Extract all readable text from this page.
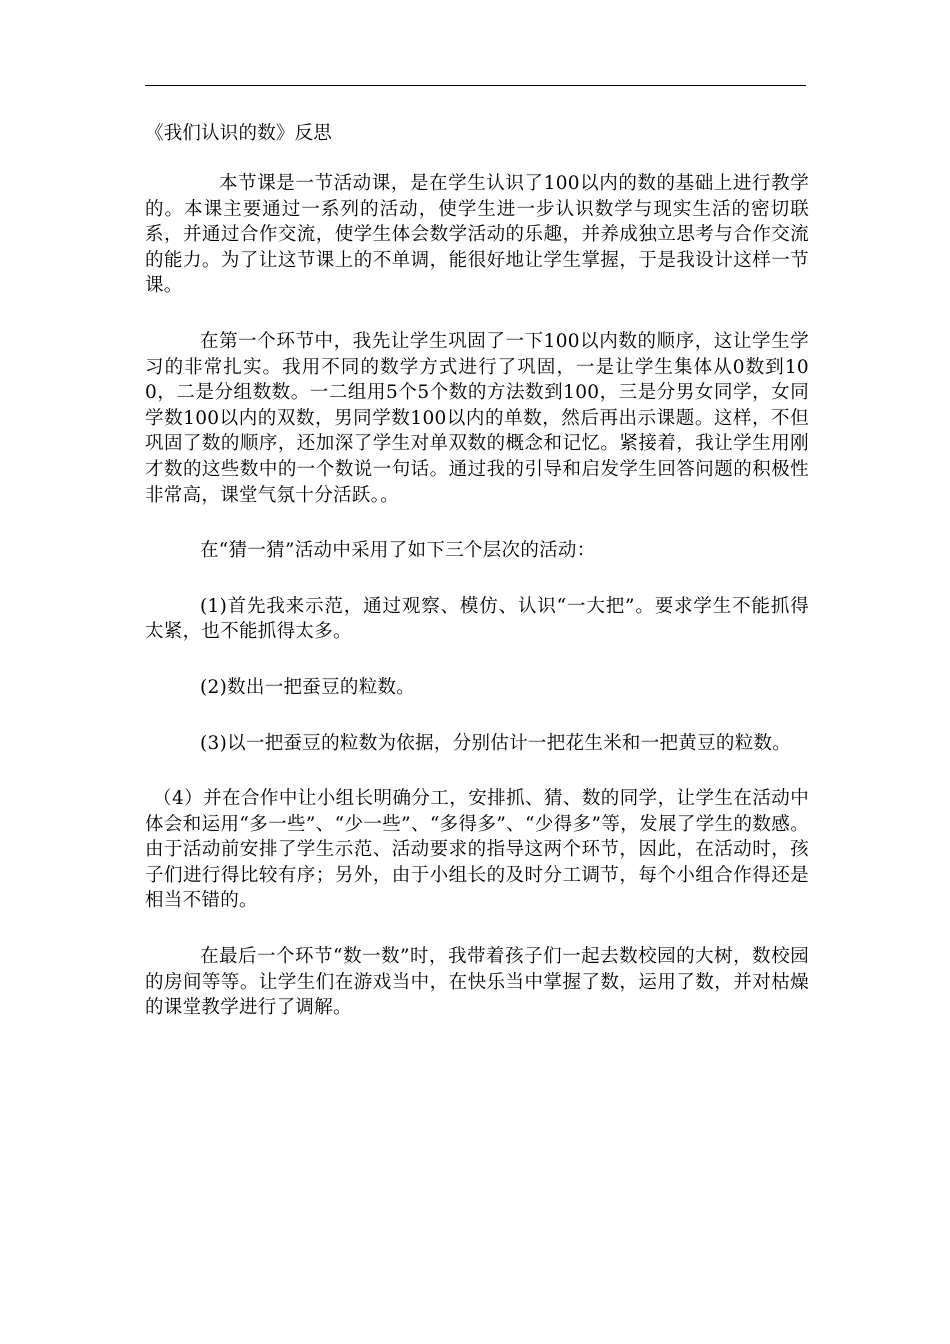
《我们认识的数》反思

本节课是一节活动课，是在学生认识了100以内的数的基础上进行教学的。本课主要通过一系列的活动，使学生进一步认识数学与现实生活的密切联系，并通过合作交流，使学生体会数学活动的乐趣，并养成独立思考与合作交流的能力。为了让这节课上的不单调，能很好地让学生掌握，于是我设计这样一节课。

在第一个环节中，我先让学生巩固了一下100以内数的顺序，这让学生学习的非常扎实。我用不同的数学方式进行了巩固，一是让学生集体从0数到100，二是分组数数。一二组用5个5个数的方法数到100，三是分男女同学，女同学数100以内的双数，男同学数100以内的单数，然后再出示课题。这样，不但巩固了数的顺序，还加深了学生对单双数的概念和记忆。紧接着，我让学生用刚才数的这些数中的一个数说一句话。通过我的引导和启发学生回答问题的积极性非常高，课堂气氛十分活跃。。

在“猜一猜”活动中采用了如下三个层次的活动：

(1)首先我来示范，通过观察、模仿、认识“一大把”。要求学生不能抓得太紧，也不能抓得太多。

(2)数出一把蚕豆的粒数。

(3)以一把蚕豆的粒数为依据，分别估计一把花生米和一把黄豆的粒数。

（4）并在合作中让小组长明确分工，安排抓、猜、数的同学，让学生在活动中体会和运用“多一些”、“少一些”、“多得多”、“少得多”等，发展了学生的数感。由于活动前安排了学生示范、活动要求的指导这两个环节，因此，在活动时，孩子们进行得比较有序；另外，由于小组长的及时分工调节，每个小组合作得还是相当不错的。

在最后一个环节“数一数”时，我带着孩子们一起去数校园的大树，数校园的房间等等。让学生们在游戏当中，在快乐当中掌握了数，运用了数，并对枯燥的课堂教学进行了调解。
